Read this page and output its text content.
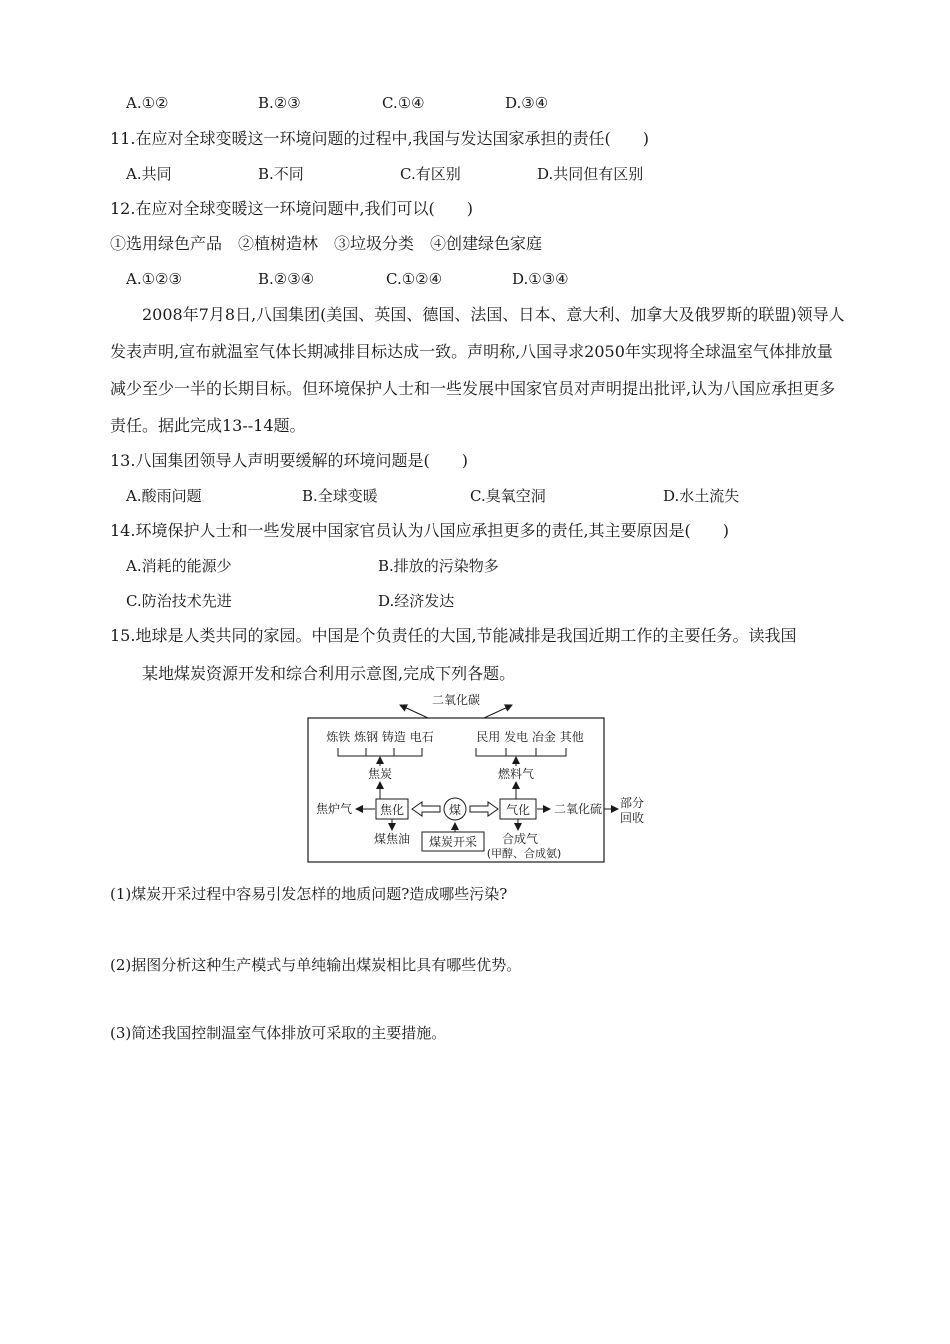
A.①②	B.②③	C.①④	D.③④
11.在应对全球变暖这一环境问题的过程中,我国与发达国家承担的责任(　　)
A.共同	B.不同	C.有区别	D.共同但有区别
12.在应对全球变暖这一环境问题中,我们可以(　　)
①选用绿色产品　②植树造林　③垃圾分类　④创建绿色家庭
A.①②③	B.②③④	C.①②④	D.①③④
2008年7月8日,八国集团(美国、英国、德国、法国、日本、意大利、加拿大及俄罗斯的联盟)领导人发表声明,宣布就温室气体长期减排目标达成一致。声明称,八国寻求2050年实现将全球温室气体排放量减少至少一半的长期目标。但环境保护人士和一些发展中国家官员对声明提出批评,认为八国应承担更多责任。据此完成13--14题。
13.八国集团领导人声明要缓解的环境问题是(　　)
A.酸雨问题	B.全球变暖	C.臭氧空洞	D.水土流失
14.环境保护人士和一些发展中国家官员认为八国应承担更多的责任,其主要原因是(　　)
A.消耗的能源少	B.排放的污染物多
C.防治技术先进	D.经济发达
15.地球是人类共同的家园。中国是个负责任的大国,节能减排是我国近期工作的主要任务。读我国
某地煤炭资源开发和综合利用示意图,完成下列各题。
二氧化碳
炼铁 炼钢 铸造 电石	民用 发电 冶金 其他
焦炭	燃料气
焦炉气 焦化	煤	气化 二氧化硫 部分
回收
煤焦油 煤炭开采 合成气
(甲醇、合成氨)
(1)煤炭开采过程中容易引发怎样的地质问题?造成哪些污染?
(2)据图分析这种生产模式与单纯输出煤炭相比具有哪些优势。
(3)简述我国控制温室气体排放可采取的主要措施。
